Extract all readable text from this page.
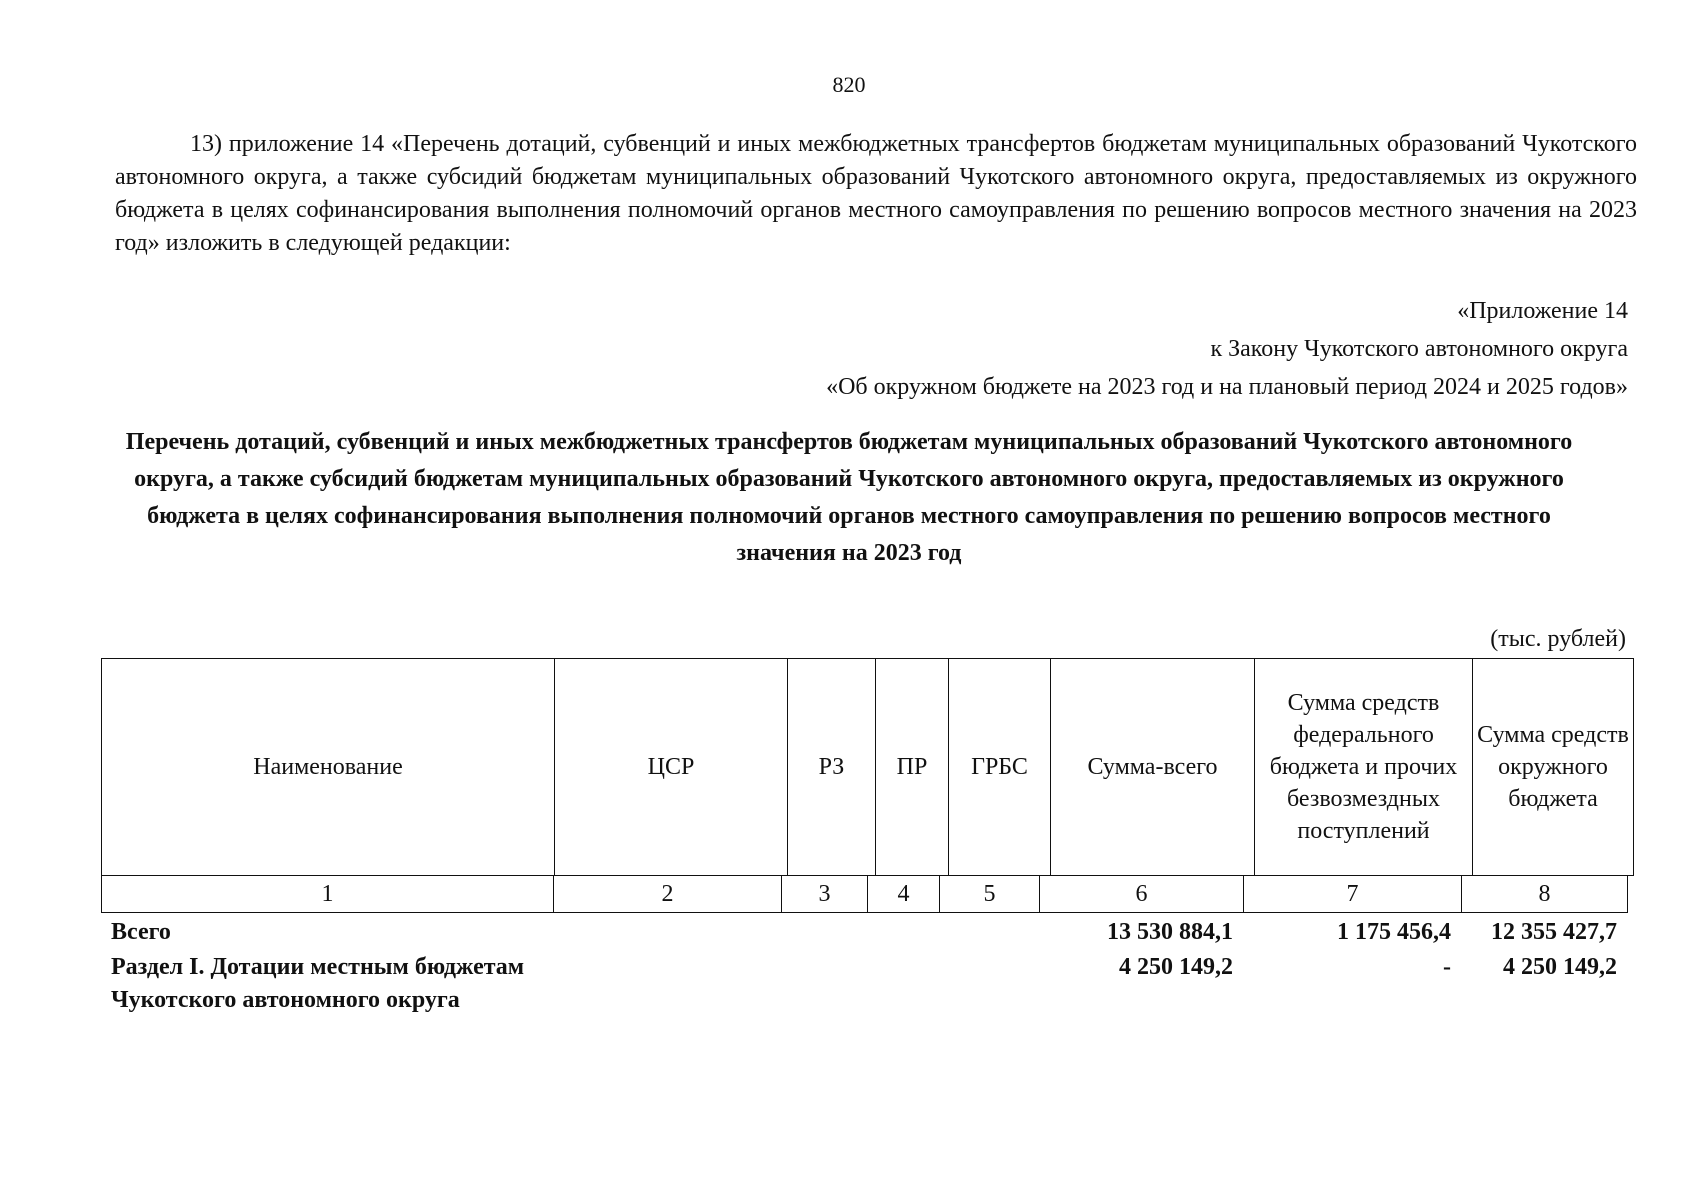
820

13) приложение 14 «Перечень дотаций, субвенций и иных межбюджетных трансфертов бюджетам муниципальных образований Чукотского автономного округа, а также субсидий бюджетам муниципальных образований Чукотского автономного округа, предоставляемых из окружного бюджета в целях софинансирования выполнения полномочий органов местного самоуправления по решению вопросов местного значения на 2023 год» изложить в следующей редакции:

«Приложение 14
к Закону Чукотского автономного округа
«Об окружном бюджете на 2023 год и на плановый период 2024 и 2025 годов»

Перечень дотаций, субвенций и иных межбюджетных трансфертов бюджетам муниципальных образований Чукотского автономного округа, а также субсидий бюджетам муниципальных образований Чукотского автономного округа, предоставляемых из окружного бюджета в целях софинансирования выполнения полномочий органов местного самоуправления по решению вопросов местного значения на 2023 год

(тыс. рублей)
Наименование	ЦСР	РЗ	ПР	ГРБС	Сумма-всего	Сумма средств федерального бюджета и прочих безвозмездных поступлений	Сумма средств окружного бюджета
1	2	3	4	5	6	7	8
Всего					13 530 884,1	1 175 456,4	12 355 427,7
Раздел I. Дотации местным бюджетам Чукотского автономного округа					4 250 149,2	-	4 250 149,2
